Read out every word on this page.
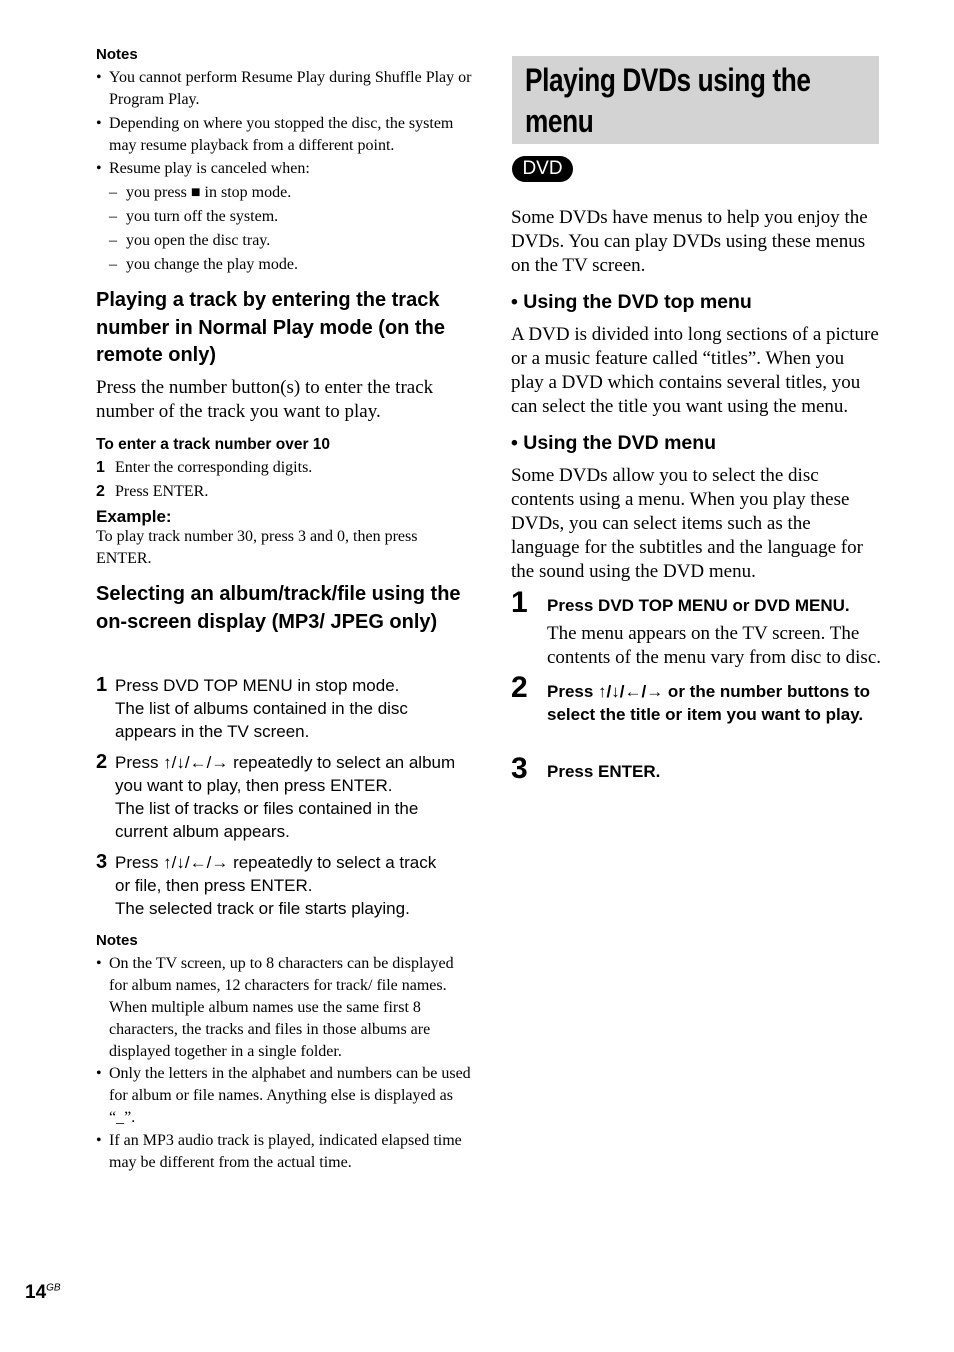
Notes
• You cannot perform Resume Play during Shuffle Play or Program Play.
• Depending on where you stopped the disc, the system may resume playback from a different point.
• Resume play is canceled when:
– you press ■ in stop mode.
– you turn off the system.
– you open the disc tray.
– you change the play mode.
Playing a track by entering the track number in Normal Play mode (on the remote only)
Press the number button(s) to enter the track number of the track you want to play.
To enter a track number over 10
1 Enter the corresponding digits.
2 Press ENTER.
Example:
To play track number 30, press 3 and 0, then press ENTER.
Selecting an album/track/file using the on-screen display (MP3/ JPEG only)
1 Press DVD TOP MENU in stop mode.
The list of albums contained in the disc appears in the TV screen.
2 Press ↑/↓/←/→ repeatedly to select an album you want to play, then press ENTER.
The list of tracks or files contained in the current album appears.
3 Press ↑/↓/←/→ repeatedly to select a track or file, then press ENTER.
The selected track or file starts playing.
Notes
• On the TV screen, up to 8 characters can be displayed for album names, 12 characters for track/ file names. When multiple album names use the same first 8 characters, the tracks and files in those albums are displayed together in a single folder.
• Only the letters in the alphabet and numbers can be used for album or file names. Anything else is displayed as “_”.
• If an MP3 audio track is played, indicated elapsed time may be different from the actual time.
Playing DVDs using the menu
DVD
Some DVDs have menus to help you enjoy the DVDs. You can play DVDs using these menus on the TV screen.
• Using the DVD top menu
A DVD is divided into long sections of a picture or a music feature called “titles”. When you play a DVD which contains several titles, you can select the title you want using the menu.
• Using the DVD menu
Some DVDs allow you to select the disc contents using a menu. When you play these DVDs, you can select items such as the language for the subtitles and the language for the sound using the DVD menu.
1 Press DVD TOP MENU or DVD MENU.
The menu appears on the TV screen. The contents of the menu vary from disc to disc.
2 Press ↑/↓/←/→ or the number buttons to select the title or item you want to play.
3 Press ENTER.
$14^{GB}$
